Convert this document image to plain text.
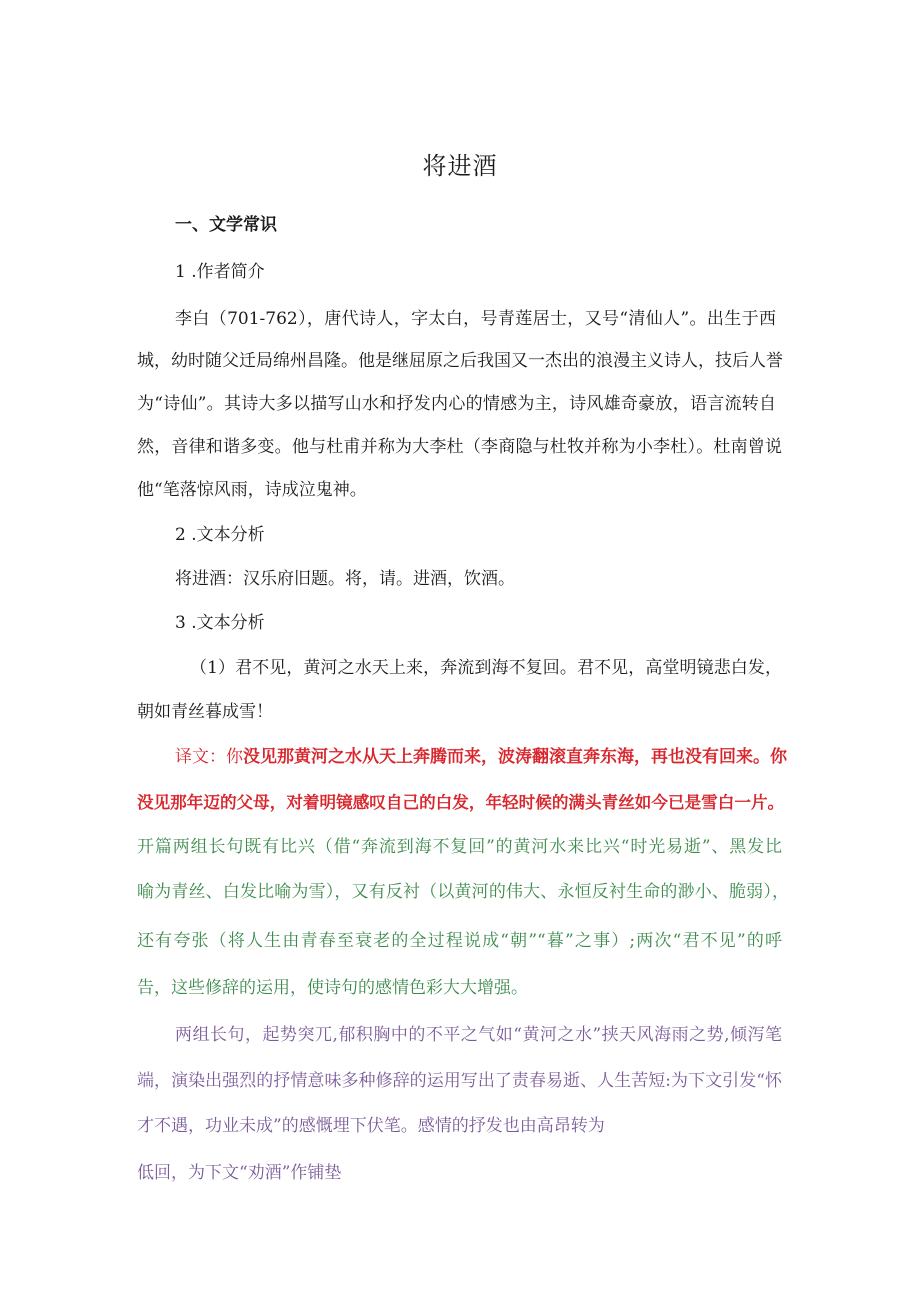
将进酒
一、文学常识
1 .作者简介
李白（701-762），唐代诗人，字太白，号青莲居士，又号“清仙人”。出生于西
城，幼时随父迁局绵州昌隆。他是继屈原之后我国又一杰出的浪漫主义诗人，技后人誉
为“诗仙”。其诗大多以描写山水和抒发内心的情感为主，诗风雄奇豪放，语言流转自
然，音律和谐多变。他与杜甫并称为大李杜（李商隐与杜牧并称为小李杜）。杜南曾说
他“笔落惊风雨，诗成泣鬼神。
2 .文本分析
将进酒：汉乐府旧题。将，请。进酒，饮酒。
3 .文本分析
（1）君不见，黄河之水天上来，奔流到海不复回。君不见，高堂明镜悲白发，
朝如青丝暮成雪！
译文：你没见那黄河之水从天上奔腾而来，波涛翻滚直奔东海，再也没有回来。你
没见那年迈的父母，对着明镜感叹自己的白发，年轻时候的满头青丝如今已是雪白一片。
开篇两组长句既有比兴（借“奔流到海不复回”的黄河水来比兴“时光易逝”、黑发比
喻为青丝、白发比喻为雪），又有反衬（以黄河的伟大、永恒反衬生命的渺小、脆弱），
还有夸张（将人生由青春至衰老的全过程说成“朝”“暮”之事）;两次“君不见”的呼
告，这些修辞的运用，使诗句的感情色彩大大增强。
两组长句，起势突兀,郁积胸中的不平之气如“黄河之水”挟天风海雨之势,倾泻笔
端，演染出强烈的抒情意味多种修辞的运用写出了责春易逝、人生苦短:为下文引发“怀
才不遇，功业未成”的感慨埋下伏笔。感情的抒发也由高昂转为
低回，为下文“劝酒”作铺垫
